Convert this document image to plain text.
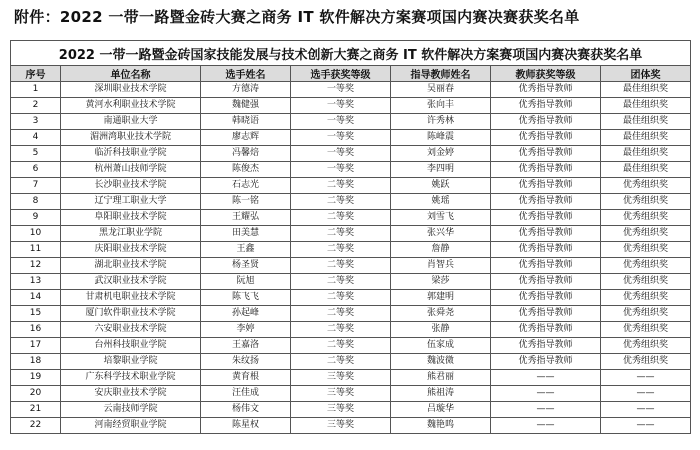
附件：2022 一带一路暨金砖大赛之商务 IT 软件解决方案赛项国内赛决赛获奖名单
2022 一带一路暨金砖国家技能发展与技术创新大赛之商务 IT 软件解决方案赛项国内赛决赛获奖名单						
序号	单位名称	选手姓名	选手获奖等级	指导教师姓名	教师获奖等级	团体奖
1	深圳职业技术学院	方德涛	一等奖	吴丽春	优秀指导教师	最佳组织奖
2	黄河水利职业技术学院	魏健强	一等奖	张向丰	优秀指导教师	最佳组织奖
3	南通职业大学	韩晓语	一等奖	许秀林	优秀指导教师	最佳组织奖
4	湄洲湾职业技术学院	廖志辉	一等奖	陈峰震	优秀指导教师	最佳组织奖
5	临沂科技职业学院	冯馨焙	一等奖	刘金婷	优秀指导教师	最佳组织奖
6	杭州萧山技师学院	陈俊杰	一等奖	李四明	优秀指导教师	最佳组织奖
7	长沙职业技术学院	石志光	二等奖	姚跃	优秀指导教师	优秀组织奖
8	辽宁理工职业大学	陈一铭	二等奖	姚瑶	优秀指导教师	优秀组织奖
9	阜阳职业技术学院	王耀弘	二等奖	刘雪飞	优秀指导教师	优秀组织奖
10	黑龙江职业学院	田美慧	二等奖	张兴华	优秀指导教师	优秀组织奖
11	庆阳职业技术学院	王鑫	二等奖	詹静	优秀指导教师	优秀组织奖
12	湖北职业技术学院	杨圣贤	二等奖	肖智兵	优秀指导教师	优秀组织奖
13	武汉职业技术学院	阮旭	二等奖	梁莎	优秀指导教师	优秀组织奖
14	甘肃机电职业技术学院	陈飞飞	二等奖	郭建明	优秀指导教师	优秀组织奖
15	厦门软件职业技术学院	孙起峰	二等奖	张舜尧	优秀指导教师	优秀组织奖
16	六安职业技术学院	李婷	二等奖	张静	优秀指导教师	优秀组织奖
17	台州科技职业学院	王嘉洛	二等奖	伍家成	优秀指导教师	优秀组织奖
18	培黎职业学院	朱纹扬	二等奖	魏波微	优秀指导教师	优秀组织奖
19	广东科学技术职业学院	黄育根	三等奖	熊君丽	——	——
20	安庆职业技术学院	汪佳成	三等奖	熊祖涛	——	——
21	云南技师学院	杨伟文	三等奖	吕璇华	——	——
22	河南经贸职业学院	陈星权	三等奖	魏艳鸣	——	——
